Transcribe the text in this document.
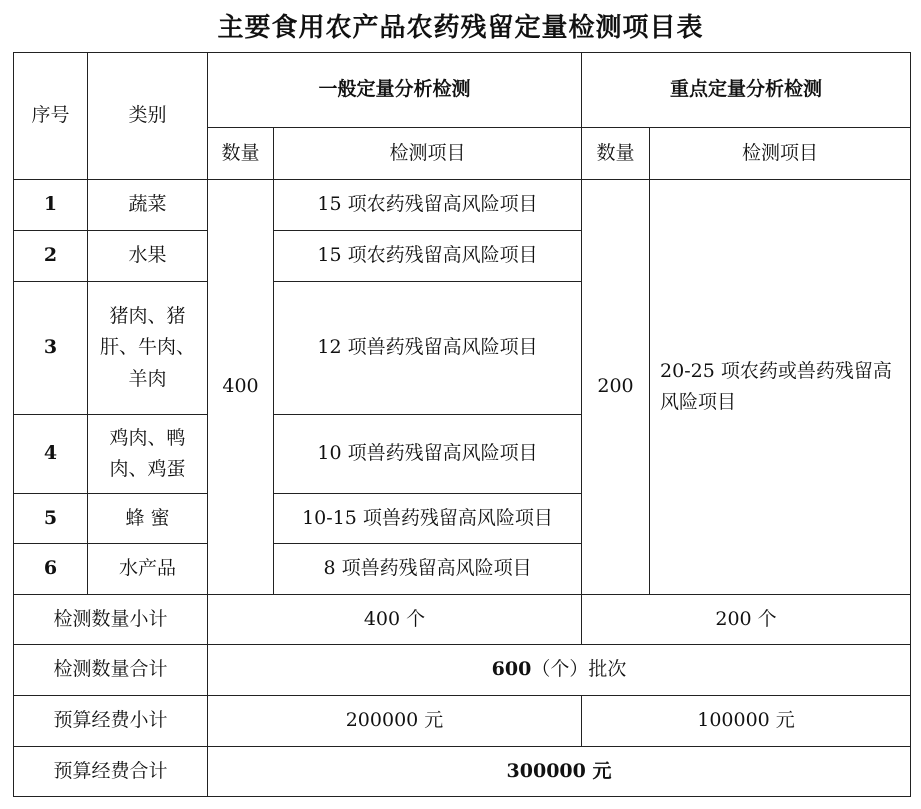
主要食用农产品农药残留定量检测项目表
序号	类别	一般定量分析检测		重点定量分析检测	
		数量	检测项目	数量	检测项目
1	蔬菜	400	15 项农药残留高风险项目	200	20-25 项农药或兽药残留高风险项目
2	水果		15 项农药残留高风险项目		
3	猪肉、猪肝、牛肉、羊肉		12 项兽药残留高风险项目		
4	鸡肉、鸭肉、鸡蛋		10 项兽药残留高风险项目		
5	蜂 蜜		10-15 项兽药残留高风险项目		
6	水产品		8 项兽药残留高风险项目		
检测数量小计		400 个		200 个	
检测数量合计		600（个）批次			
预算经费小计		200000 元		100000 元	
预算经费合计		300000 元			
